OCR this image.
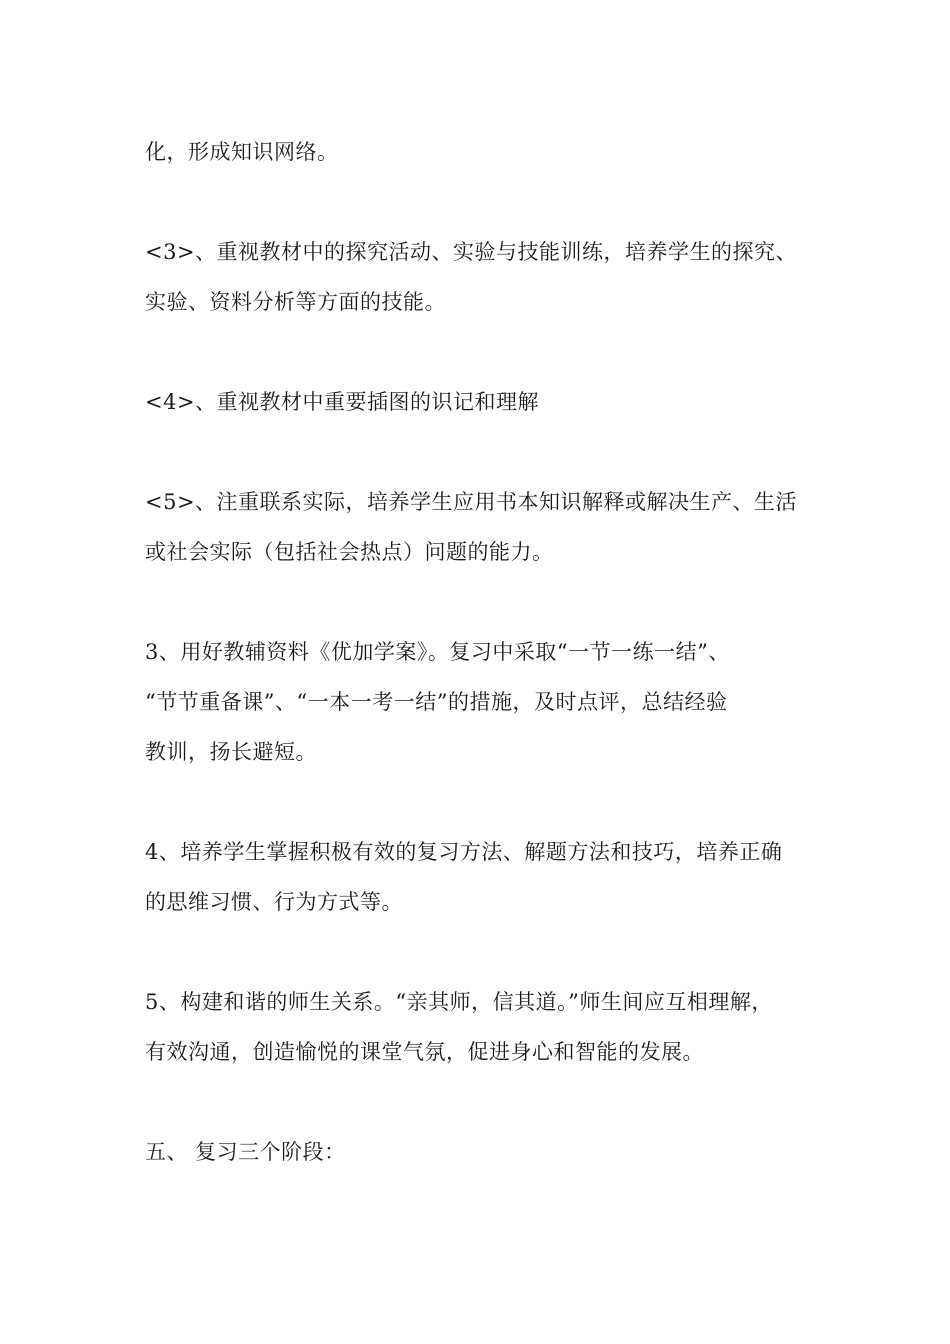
化，形成知识网络。
<3>、重视教材中的探究活动、实验与技能训练，培养学生的探究、
实验、资料分析等方面的技能。
<4>、重视教材中重要插图的识记和理解
<5>、注重联系实际，培养学生应用书本知识解释或解决生产、生活
或社会实际（包括社会热点）问题的能力。
3、用好教辅资料《优加学案》。复习中采取“一节一练一结”、
“节节重备课”、“一本一考一结”的措施，及时点评，总结经验
教训，扬长避短。
4、培养学生掌握积极有效的复习方法、解题方法和技巧，培养正确
的思维习惯、行为方式等。
5、构建和谐的师生关系。“亲其师，信其道。”师生间应互相理解，
有效沟通，创造愉悦的课堂气氛，促进身心和智能的发展。
五、 复习三个阶段：
